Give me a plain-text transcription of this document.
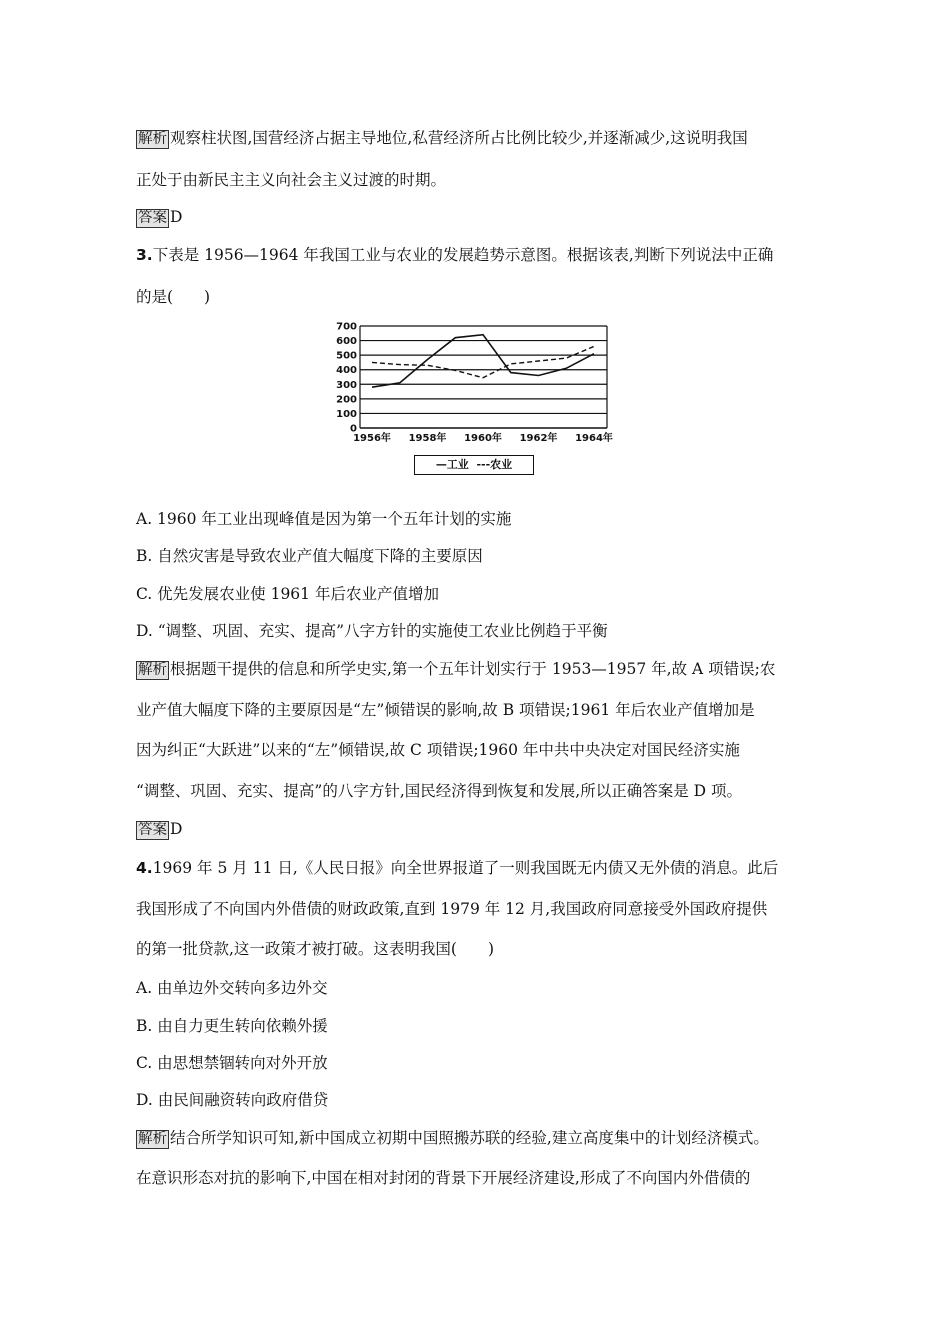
解析 观察柱状图,国营经济占据主导地位,私营经济所占比例比较少,并逐渐减少,这说明我国
正处于由新民主主义向社会主义过渡的时期。
答案 D
3.下表是 1956—1964 年我国工业与农业的发展趋势示意图。根据该表,判断下列说法中正确
的是(　　)
0
100
200
300
400
500
600
700
1956年 1958年 1960年 1962年 1964年
—工业 ---农业
A. 1960 年工业出现峰值是因为第一个五年计划的实施
B. 自然灾害是导致农业产值大幅度下降的主要原因
C. 优先发展农业使 1961 年后农业产值增加
D. “调整、巩固、充实、提高”八字方针的实施使工农业比例趋于平衡
解析 根据题干提供的信息和所学史实,第一个五年计划实行于 1953—1957 年,故 A 项错误;农
业产值大幅度下降的主要原因是“左”倾错误的影响,故 B 项错误;1961 年后农业产值增加是
因为纠正“大跃进”以来的“左”倾错误,故 C 项错误;1960 年中共中央决定对国民经济实施
“调整、巩固、充实、提高”的八字方针,国民经济得到恢复和发展,所以正确答案是 D 项。
答案 D
4.1969 年 5 月 11 日,《人民日报》向全世界报道了一则我国既无内债又无外债的消息。此后
我国形成了不向国内外借债的财政政策,直到 1979 年 12 月,我国政府同意接受外国政府提供
的第一批贷款,这一政策才被打破。这表明我国(　　)
A. 由单边外交转向多边外交
B. 由自力更生转向依赖外援
C. 由思想禁锢转向对外开放
D. 由民间融资转向政府借贷
解析 结合所学知识可知,新中国成立初期中国照搬苏联的经验,建立高度集中的计划经济模式。
在意识形态对抗的影响下,中国在相对封闭的背景下开展经济建设,形成了不向国内外借债的
